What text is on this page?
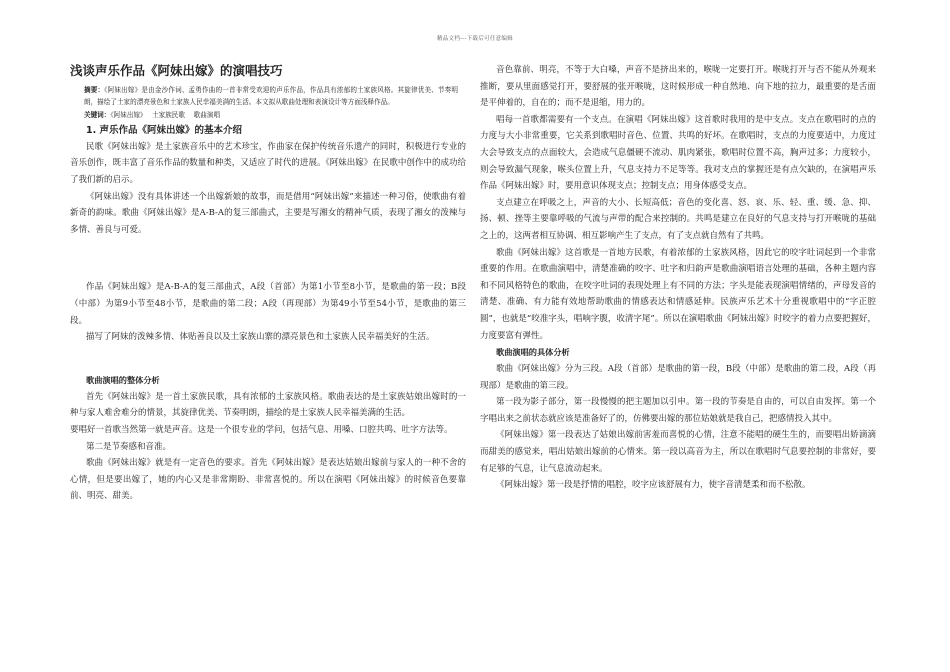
精品文档---下载后可任意编辑
浅谈声乐作品《阿妹出嫁》的演唱技巧

摘要：《阿妹出嫁》是由金沙作词、孟勇作曲的一首非常受欢迎的声乐作品，作品具有浓郁的土家族风格。其旋律优美、节奏明朗，描绘了土家的漂亮景色和土家族人民幸福美满的生活。本文拟从歌曲处理和表演设计等方面浅释作品。

关键词：《阿妹出嫁》　 土家族民歌　 歌曲演唱

1. 声乐作品《阿妹出嫁》的基本介绍

民歌《阿妹出嫁》是土家族音乐中的艺术珍宝，作曲家在保护传统音乐遗产的同时，积极进行专业的音乐创作，既丰富了音乐作品的数量和种类，又适应了时代的进展。《阿妹出嫁》在民歌中创作中的成功给了我们新的启示。

《阿妹出嫁》没有具体讲述一个出嫁新娘的故事，而是借用“阿妹出嫁”来描述一种习俗，使歌曲有着新奇的韵味。歌曲《阿妹出嫁》是A-B-A的复三部曲式，主要是写湘女的精神气质，表现了湘女的泼辣与多情、善良与可爱。

作品《阿妹出嫁》是A-B-A的复三部曲式，A段（首部）为第1小节至8小节，是歌曲的第一段；B段（中部）为第9小节至48小节，是歌曲的第二段；A段（再现部）为第49小节至54小节，是歌曲的第三段。

描写了阿妹的泼辣多情、体贴善良以及土家族山寨的漂亮景色和土家族人民幸福美好的生活。

歌曲演唱的整体分析

首先《阿妹出嫁》是一首土家族民歌，具有浓郁的土家族风格。歌曲表达的是土家族姑娘出嫁时的一种与家人难舍难分的情景，其旋律优美、节奏明朗，描绘的是土家族人民幸福美满的生活。

要唱好一首歌当然第一就是声音。这是一个很专业的学问，包括气息、用嗓、口腔共鸣、吐字方法等。

第二是节奏感和音准。

歌曲《阿妹出嫁》就是有一定音色的要求。首先《阿妹出嫁》是表达姑娘出嫁前与家人的一种不舍的心情，但是要出嫁了，她的内心又是非常期盼、非常喜悦的。所以在演唱《阿妹出嫁》的时候音色要靠前、明亮、甜美。

音色靠前、明亮，不等于大白嗓，声音不是挤出来的，喉咙一定要打开。喉咙打开与否不能从外观来推断，要从里面感觉打开，要舒展的张开喉咙，这时候形成一种自然地、向下地的拉力，最重要的是舌面是平伸着的，自在的；而不是退缩，用力的。

唱每一首歌都需要有一个支点。在演唱《阿妹出嫁》这首歌时我用的是中支点。支点在歌唱时的点的力度与大小非常重要，它关系到歌唱时音色、位置、共鸣的好坏。在歌唱时，支点的力度要适中，力度过大会导致支点的点面较大，会造成气息僵硬不流动、肌肉紧张，歌唱时位置不高，胸声过多；力度较小，则会导致漏气现象，喉头位置上升，气息支持力不足等等。我对支点的掌握还是有点欠缺的，在演唱声乐作品《阿妹出嫁》时，要用意识体现支点；控制支点；用身体感受支点。

支点建立在呼吸之上，声音的大小、长短高低；音色的变化喜、怒、哀、乐、轻、重、缓、急、抑、扬、顿、挫等主要靠呼吸的气流与声带的配合来控制的。共鸣是建立在良好的气息支持与打开喉咙的基础之上的，这两者相互协调、相互影响产生了支点，有了支点就自然有了共鸣。

歌曲《阿妹出嫁》这首歌是一首地方民歌，有着浓郁的土家族风格，因此它的咬字吐词起到一个非常重要的作用。在歌曲演唱中，清楚准确的咬字、吐字和归韵声是歌曲演唱语言处理的基础，各种主题内容和不同风格特色的歌曲，在咬字吐词的表现处理上有不同的方法；字头是能表现演唱情绪的，声母发音的清楚、准确、有力能有效地帮助歌曲的情感表达和情感延伸。民族声乐艺术十分重视歌唱中的“字正腔圆”，也就是“咬准字头，唱响字腹，收清字尾”。所以在演唱歌曲《阿妹出嫁》时咬字的着力点要把握好，力度要富有弹性。

歌曲演唱的具体分析

歌曲《阿妹出嫁》分为三段。A段（首部）是歌曲的第一段，B段（中部）是歌曲的第二段，A段（再现部）是歌曲的第三段。

第一段为影子部分，第一段慢慢的把主题加以引申。第一段的节奏是自由的，可以自由发挥。第一个字唱出来之前状态就应该是准备好了的，仿佛要出嫁的那位姑娘就是我自己，把感情投入其中。

《阿妹出嫁》第一段表达了姑娘出嫁前害羞而喜悦的心情，注意不能唱的硬生生的，而要唱出娇滴滴而甜美的感觉来，唱出姑娘出嫁前的心情来。第一段以高音为主，所以在歌唱时气息要控制的非常好，要有足够的气息，让气息流动起来。

《阿妹出嫁》第一段是抒情的唱腔，咬字应该舒展有力，使字音清楚柔和而不松散。
